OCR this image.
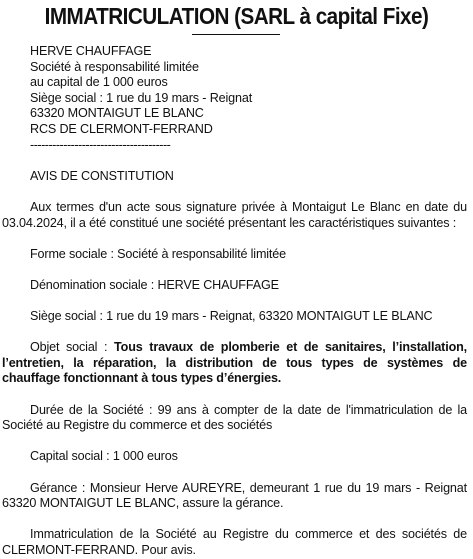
IMMATRICULATION (SARL à capital Fixe)
HERVE CHAUFFAGE
Société à responsabilité limitée
au capital de 1 000 euros
Siège social : 1 rue du 19 mars - Reignat
63320 MONTAIGUT LE BLANC
RCS DE CLERMONT-FERRAND
--------------------------------------
AVIS DE CONSTITUTION
Aux termes d'un acte sous signature privée à Montaigut Le Blanc en date du 03.04.2024, il a été constitué une société présentant les caractéristiques suivantes :
Forme sociale : Société à responsabilité limitée
Dénomination sociale : HERVE CHAUFFAGE
Siège social : 1 rue du 19 mars - Reignat, 63320 MONTAIGUT LE BLANC
Objet social : Tous travaux de plomberie et de sanitaires, l’installation, l’entretien, la réparation, la distribution de tous types de systèmes de chauffage fonctionnant à tous types d’énergies.
Durée de la Société : 99 ans à compter de la date de l'immatriculation de la Société au Registre du commerce et des sociétés
Capital social : 1 000 euros
Gérance : Monsieur Herve AUREYRE, demeurant 1 rue du 19 mars - Reignat 63320 MONTAIGUT LE BLANC, assure la gérance.
Immatriculation de la Société au Registre du commerce et des sociétés de CLERMONT-FERRAND. Pour avis.
